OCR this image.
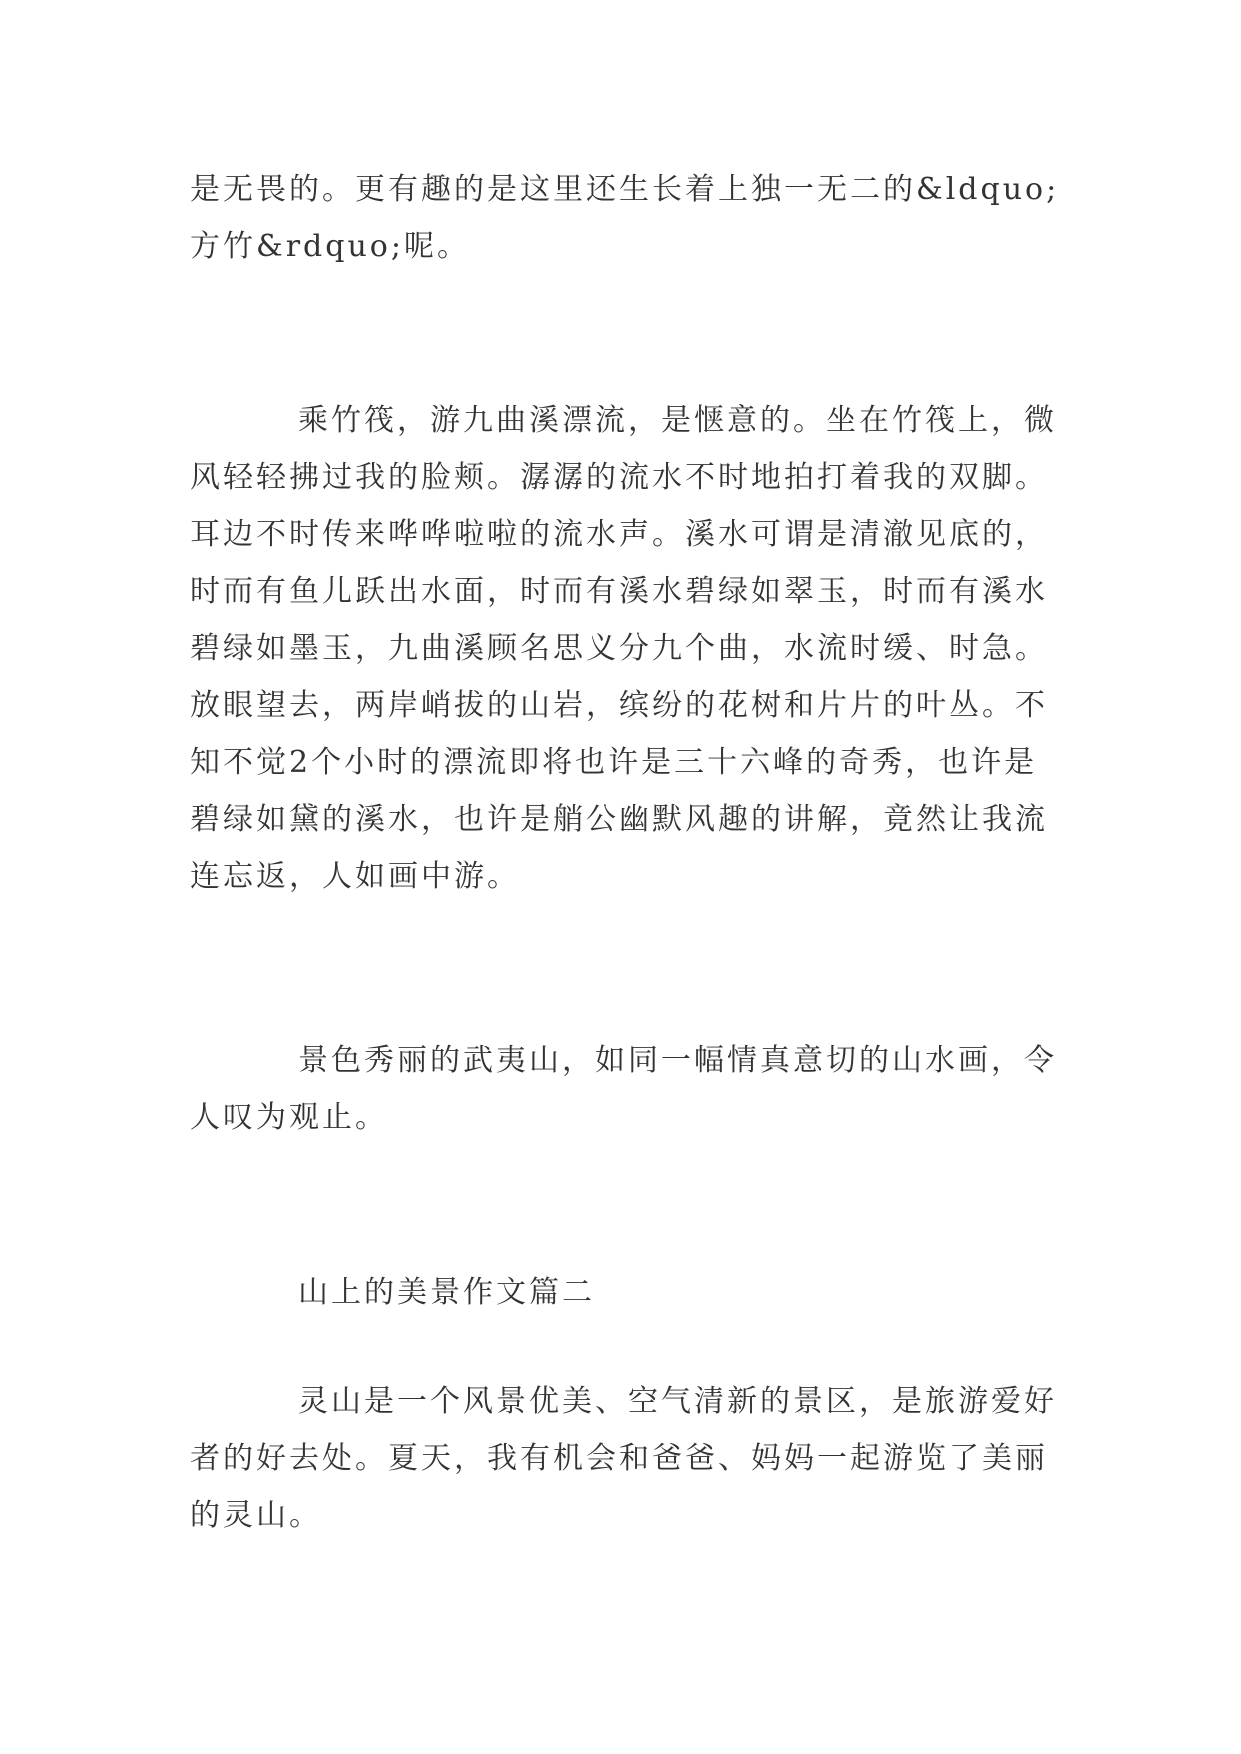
是无畏的。更有趣的是这里还生长着上独一无二的&ldquo;方竹&rdquo;呢。

乘竹筏，游九曲溪漂流，是惬意的。坐在竹筏上，微风轻轻拂过我的脸颊。潺潺的流水不时地拍打着我的双脚。耳边不时传来哗哗啦啦的流水声。溪水可谓是清澈见底的，时而有鱼儿跃出水面，时而有溪水碧绿如翠玉，时而有溪水碧绿如墨玉，九曲溪顾名思义分九个曲，水流时缓、时急。放眼望去，两岸峭拔的山岩，缤纷的花树和片片的叶丛。不知不觉2个小时的漂流即将也许是三十六峰的奇秀，也许是碧绿如黛的溪水，也许是艄公幽默风趣的讲解，竟然让我流连忘返，人如画中游。

景色秀丽的武夷山，如同一幅情真意切的山水画，令人叹为观止。

山上的美景作文篇二

灵山是一个风景优美、空气清新的景区，是旅游爱好者的好去处。夏天，我有机会和爸爸、妈妈一起游览了美丽的灵山。
